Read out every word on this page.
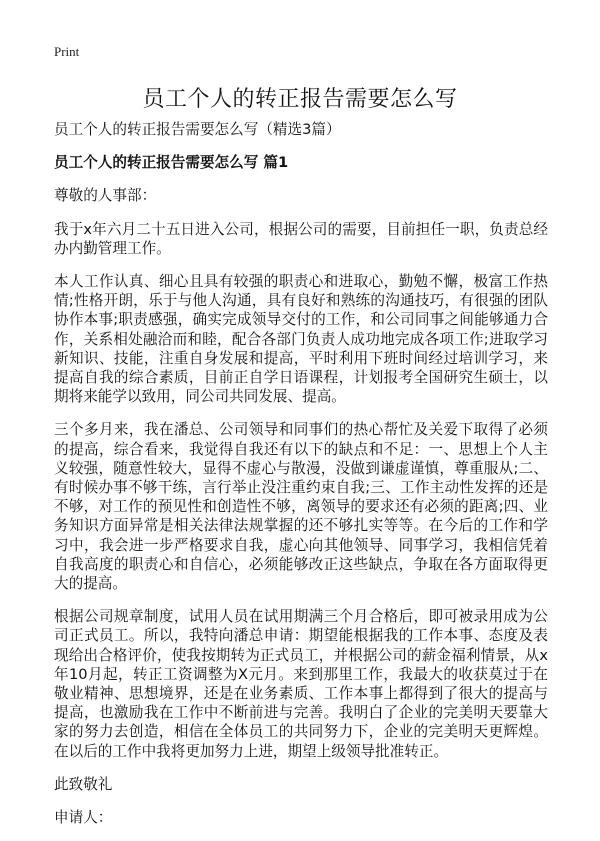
Print
员工个人的转正报告需要怎么写

员工个人的转正报告需要怎么写（精选3篇）

员工个人的转正报告需要怎么写 篇1

尊敬的人事部：

我于x年六月二十五日进入公司，根据公司的需要，目前担任一职，负责总经办内勤管理工作。

本人工作认真、细心且具有较强的职责心和进取心，勤勉不懈，极富工作热情;性格开朗，乐于与他人沟通，具有良好和熟练的沟通技巧，有很强的团队协作本事;职责感强，确实完成领导交付的工作，和公司同事之间能够通力合作，关系相处融洽而和睦，配合各部门负责人成功地完成各项工作;进取学习新知识、技能，注重自身发展和提高，平时利用下班时间经过培训学习，来提高自我的综合素质，目前正自学日语课程，计划报考全国研究生硕士，以期将来能学以致用，同公司共同发展、提高。

三个多月来，我在潘总、公司领导和同事们的热心帮忙及关爱下取得了必须的提高，综合看来，我觉得自我还有以下的缺点和不足：一、思想上个人主义较强，随意性较大，显得不虚心与散漫，没做到谦虚谨慎，尊重服从;二、有时候办事不够干练，言行举止没注重约束自我;三、工作主动性发挥的还是不够，对工作的预见性和创造性不够，离领导的要求还有必须的距离;四、业务知识方面异常是相关法律法规掌握的还不够扎实等等。在今后的工作和学习中，我会进一步严格要求自我，虚心向其他领导、同事学习，我相信凭着自我高度的职责心和自信心，必须能够改正这些缺点，争取在各方面取得更大的提高。

根据公司规章制度，试用人员在试用期满三个月合格后，即可被录用成为公司正式员工。所以，我特向潘总申请：期望能根据我的工作本事、态度及表现给出合格评价，使我按期转为正式员工，并根据公司的薪金福利情景，从x年10月起，转正工资调整为X元月。来到那里工作，我最大的收获莫过于在敬业精神、思想境界，还是在业务素质、工作本事上都得到了很大的提高与提高，也激励我在工作中不断前进与完善。我明白了企业的完美明天要靠大家的努力去创造，相信在全体员工的共同努力下，企业的完美明天更辉煌。在以后的工作中我将更加努力上进，期望上级领导批准转正。

此致敬礼

申请人：
